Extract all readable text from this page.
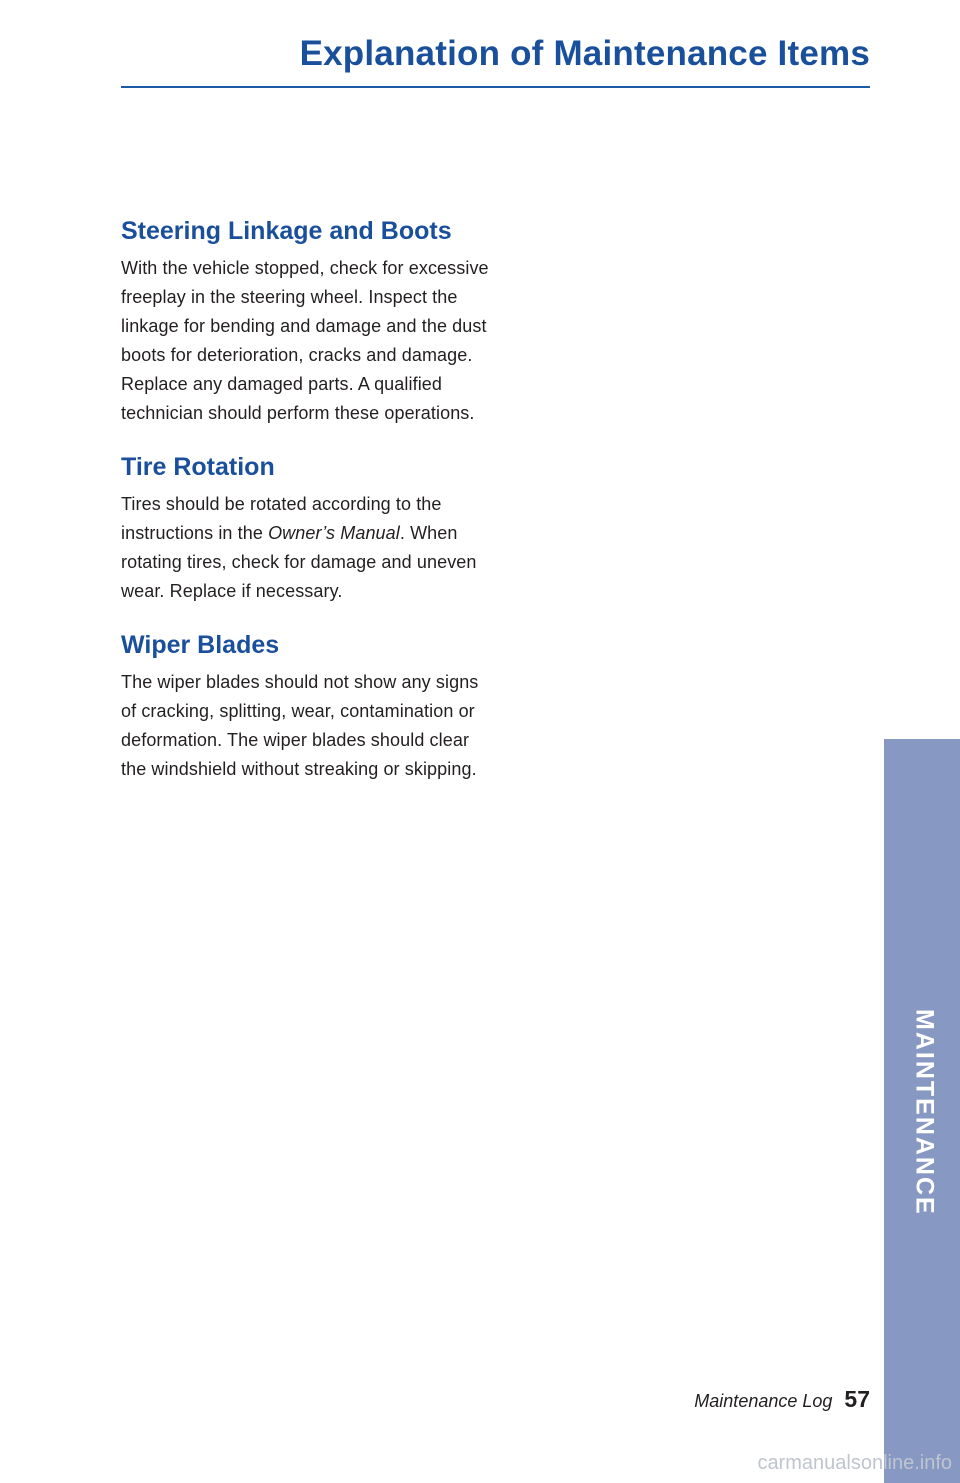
Explanation of Maintenance Items
Steering Linkage and Boots

With the vehicle stopped, check for excessive freeplay in the steering wheel. Inspect the linkage for bending and damage and the dust boots for deterioration, cracks and damage. Replace any damaged parts. A qualified technician should perform these operations.

Tire Rotation

Tires should be rotated according to the instructions in the Owner’s Manual. When rotating tires, check for damage and uneven wear. Replace if necessary.

Wiper Blades

The wiper blades should not show any signs of cracking, splitting, wear, contamination or deformation. The wiper blades should clear the windshield without streaking or skipping.

MAINTENANCE
Maintenance Log 57
carmanualsonline.info
